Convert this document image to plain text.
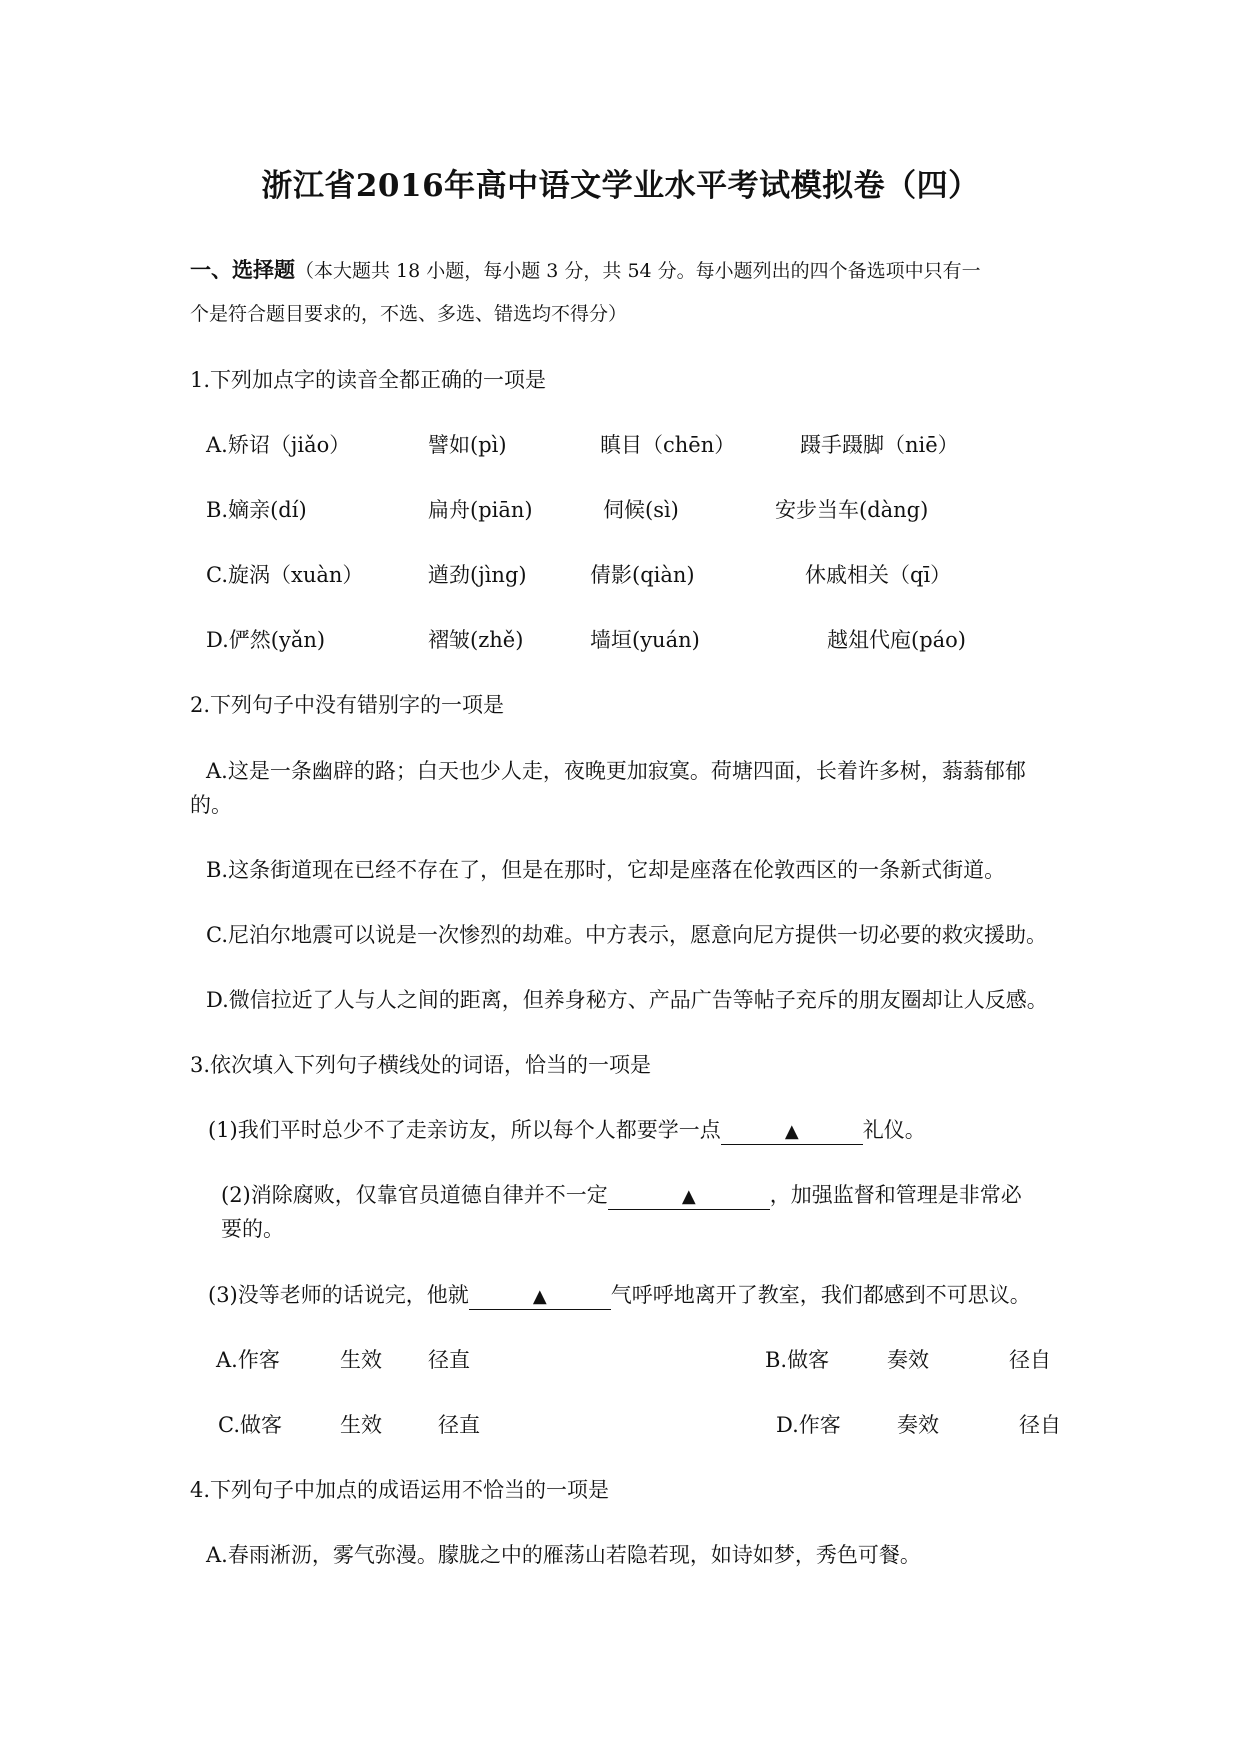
浙江省2016年高中语文学业水平考试模拟卷（四）
一、选择题（本大题共 18 小题，每小题 3 分，共 54 分。每小题列出的四个备选项中只有一
个是符合题目要求的，不选、多选、错选均不得分）
1.下列加点字的读音全都正确的一项是
A.矫诏（jiǎo）	譬如(pì)	瞋目（chēn）	蹑手蹑脚（niē）
B.嫡亲(dí)	扁舟(piān)	伺候(sì)	安步当车(dàng)
C.旋涡（xuàn）	遒劲(jìng)	倩影(qiàn)	休戚相关（qī）
D.俨然(yǎn)	褶皱(zhě)	墙垣(yuán)	越俎代庖(páo)
2.下列句子中没有错别字的一项是
A.这是一条幽辟的路；白天也少人走，夜晚更加寂寞。荷塘四面，长着许多树，蓊蓊郁郁
的。
B.这条街道现在已经不存在了，但是在那时，它却是座落在伦敦西区的一条新式街道。
C.尼泊尔地震可以说是一次惨烈的劫难。中方表示，愿意向尼方提供一切必要的救灾援助。
D.微信拉近了人与人之间的距离，但养身秘方、产品广告等帖子充斥的朋友圈却让人反感。
3.依次填入下列句子横线处的词语，恰当的一项是
(1)我们平时总少不了走亲访友，所以每个人都要学一点	▲	礼仪。
(2)消除腐败，仅靠官员道德自律并不一定	▲	，加强监督和管理是非常必
要的。
(3)没等老师的话说完，他就	▲	气呼呼地离开了教室，我们都感到不可思议。
A.作客	生效 径直	B.做客	奏效	径自
C.做客	生效	径直	D.作客	奏效	径自
4.下列句子中加点的成语运用不恰当的一项是
A.春雨淅沥，雾气弥漫。朦胧之中的雁荡山若隐若现，如诗如梦，秀色可餐。
